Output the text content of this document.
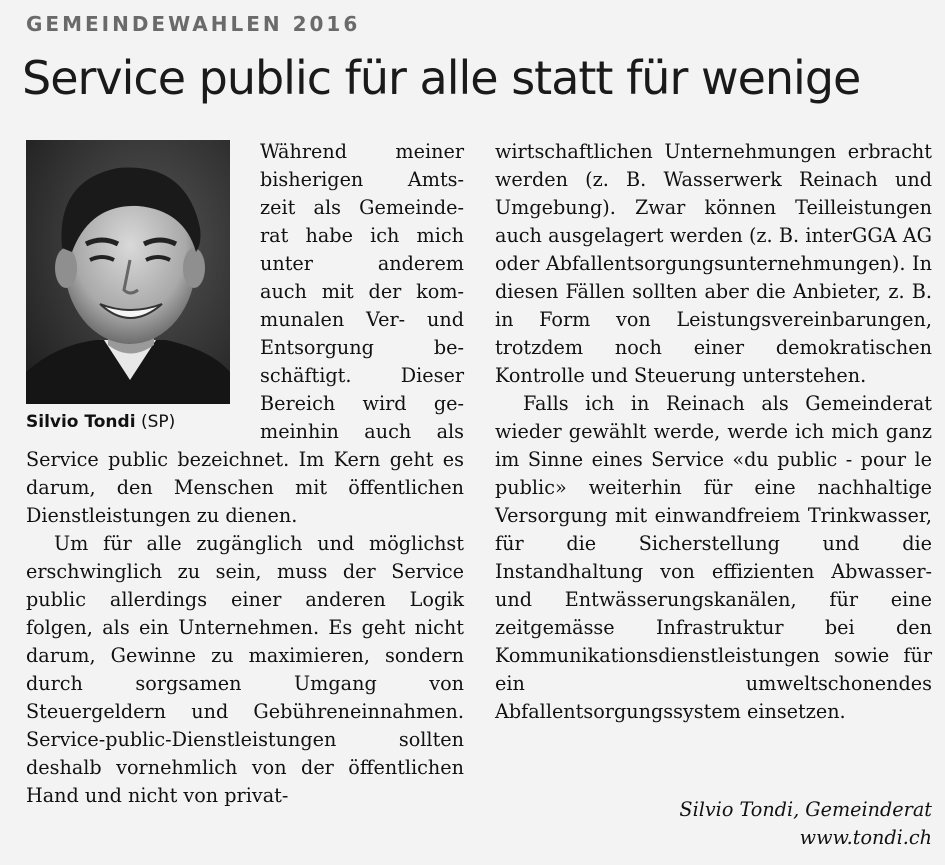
GEMEINDEWAHLEN 2016
Service public für alle statt für wenige
Silvio Tondi (SP)
Während meiner
bisherigen Amts-
zeit als Gemeinde-
rat habe ich mich
unter anderem
auch mit der kom-
munalen Ver- und
Entsorgung be-
schäftigt. Dieser
Bereich wird ge-
meinhin auch als

Service public bezeichnet. Im Kern geht es darum, den Menschen mit öffentlichen Dienstleistungen zu dienen.

Um für alle zugänglich und möglichst erschwinglich zu sein, muss der Service public allerdings einer anderen Logik folgen, als ein Unternehmen. Es geht nicht darum, Gewinne zu maximieren, sondern durch sorgsamen Umgang von Steuergeldern und Gebühreneinnahmen. Service-public-Dienstleistungen sollten deshalb vornehmlich von der öffentlichen Hand und nicht von privat-

wirtschaftlichen Unternehmungen erbracht werden (z. B. Wasserwerk Reinach und Umgebung). Zwar können Teilleistungen auch ausgelagert werden (z. B. interGGA AG oder Abfallentsorgungsunternehmungen). In diesen Fällen sollten aber die Anbieter, z. B. in Form von Leistungsvereinbarungen, trotzdem noch einer demokratischen Kontrolle und Steuerung unterstehen.

Falls ich in Reinach als Gemeinderat wieder gewählt werde, werde ich mich ganz im Sinne eines Service «du public - pour le public» weiterhin für eine nachhaltige Versorgung mit einwandfreiem Trinkwasser, für die Sicherstellung und die Instandhaltung von effizienten Abwasser- und Entwässerungskanälen, für eine zeitgemässe Infrastruktur bei den Kommunikationsdienstleistungen sowie für ein umweltschonendes Abfallentsorgungssystem einsetzen.

Silvio Tondi, Gemeinderat
www.tondi.ch
